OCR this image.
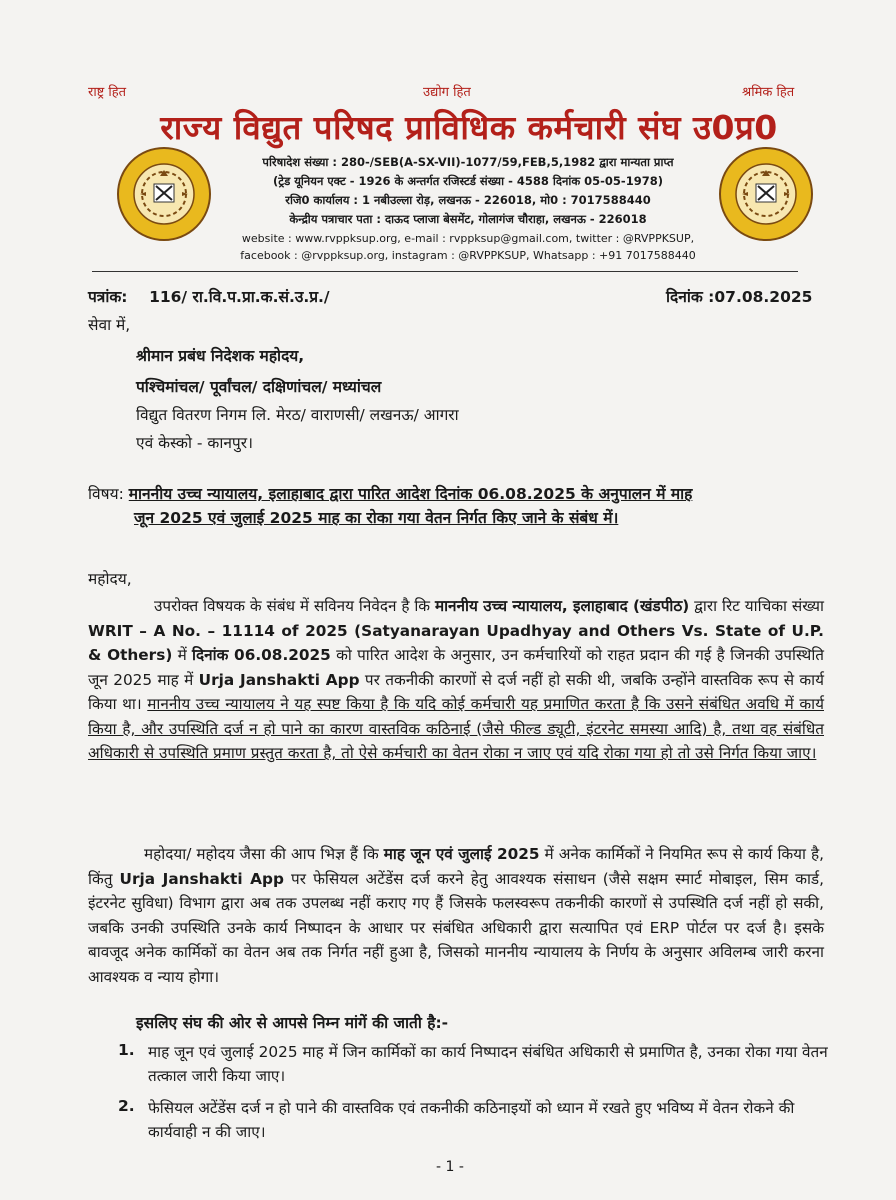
राष्ट्र हित	उद्योग हित	श्रमिक हित
राज्य विद्युत परिषद प्राविधिक कर्मचारी संघ उ0प्र0
परिषादेश संख्या : 280-/SEB(A-SX-VII)-1077/59,FEB,5,1982 द्वारा मान्यता प्राप्त
(ट्रेड यूनियन एक्ट - 1926 के अन्तर्गत रजिस्टर्ड संख्या - 4588 दिनांक 05-05-1978)
रजि0 कार्यालय : 1 नबीउल्ला रोड़, लखनऊ - 226018, मो0 : 7017588440
केन्द्रीय पत्राचार पता : दाऊद प्लाजा बेसमेंट, गोलागंज चौराहा, लखनऊ - 226018
website : www.rvppksup.org, e-mail : rvppksup@gmail.com, twitter : @RVPPKSUP,
facebook : @rvppksup.org, instagram : @RVPPKSUP, Whatsapp : +91 7017588440
पत्रांक: 116/ रा.वि.प.प्रा.क.सं.उ.प्र./	दिनांक :07.08.2025
सेवा में,
श्रीमान प्रबंध निदेशक महोदय,
पश्चिमांचल/ पूर्वांचल/ दक्षिणांचल/ मध्यांचल
विद्युत वितरण निगम लि. मेरठ/ वाराणसी/ लखनऊ/ आगरा
एवं केस्को - कानपुर।
विषय: माननीय उच्च न्यायालय, इलाहाबाद द्वारा पारित आदेश दिनांक 06.08.2025 के अनुपालन में माह
जून 2025 एवं जुलाई 2025 माह का रोका गया वेतन निर्गत किए जाने के संबंध में।
महोदय,
उपरोक्त विषयक के संबंध में सविनय निवेदन है कि माननीय उच्च न्यायालय, इलाहाबाद (खंडपीठ) द्वारा रिट याचिका संख्या WRIT – A No. – 11114 of 2025 (Satyanarayan Upadhyay and Others Vs. State of U.P. & Others) में दिनांक 06.08.2025 को पारित आदेश के अनुसार, उन कर्मचारियों को राहत प्रदान की गई है जिनकी उपस्थिति जून 2025 माह में Urja Janshakti App पर तकनीकी कारणों से दर्ज नहीं हो सकी थी, जबकि उन्होंने वास्तविक रूप से कार्य किया था। माननीय उच्च न्यायालय ने यह स्पष्ट किया है कि यदि कोई कर्मचारी यह प्रमाणित करता है कि उसने संबंधित अवधि में कार्य किया है, और उपस्थिति दर्ज न हो पाने का कारण वास्तविक कठिनाई (जैसे फील्ड ड्यूटी, इंटरनेट समस्या आदि) है, तथा वह संबंधित अधिकारी से उपस्थिति प्रमाण प्रस्तुत करता है, तो ऐसे कर्मचारी का वेतन रोका न जाए एवं यदि रोका गया हो तो उसे निर्गत किया जाए।
महोदया/ महोदय जैसा की आप भिज्ञ हैं कि माह जून एवं जुलाई 2025 में अनेक कार्मिकों ने नियमित रूप से कार्य किया है, किंतु Urja Janshakti App पर फेसियल अटेंडेंस दर्ज करने हेतु आवश्यक संसाधन (जैसे सक्षम स्मार्ट मोबाइल, सिम कार्ड, इंटरनेट सुविधा) विभाग द्वारा अब तक उपलब्ध नहीं कराए गए हैं जिसके फलस्वरूप तकनीकी कारणों से उपस्थिति दर्ज नहीं हो सकी, जबकि उनकी उपस्थिति उनके कार्य निष्पादन के आधार पर संबंधित अधिकारी द्वारा सत्यापित एवं ERP पोर्टल पर दर्ज है। इसके बावजूद अनेक कार्मिकों का वेतन अब तक निर्गत नहीं हुआ है, जिसको माननीय न्यायालय के निर्णय के अनुसार अविलम्ब जारी करना आवश्यक व न्याय होगा।
इसलिए संघ की ओर से आपसे निम्न मांगें की जाती है:-
1. माह जून एवं जुलाई 2025 माह में जिन कार्मिकों का कार्य निष्पादन संबंधित अधिकारी से प्रमाणित है, उनका रोका गया वेतन तत्काल जारी किया जाए।
2. फेसियल अटेंडेंस दर्ज न हो पाने की वास्तविक एवं तकनीकी कठिनाइयों को ध्यान में रखते हुए भविष्य में वेतन रोकने की कार्यवाही न की जाए।
- 1 -
